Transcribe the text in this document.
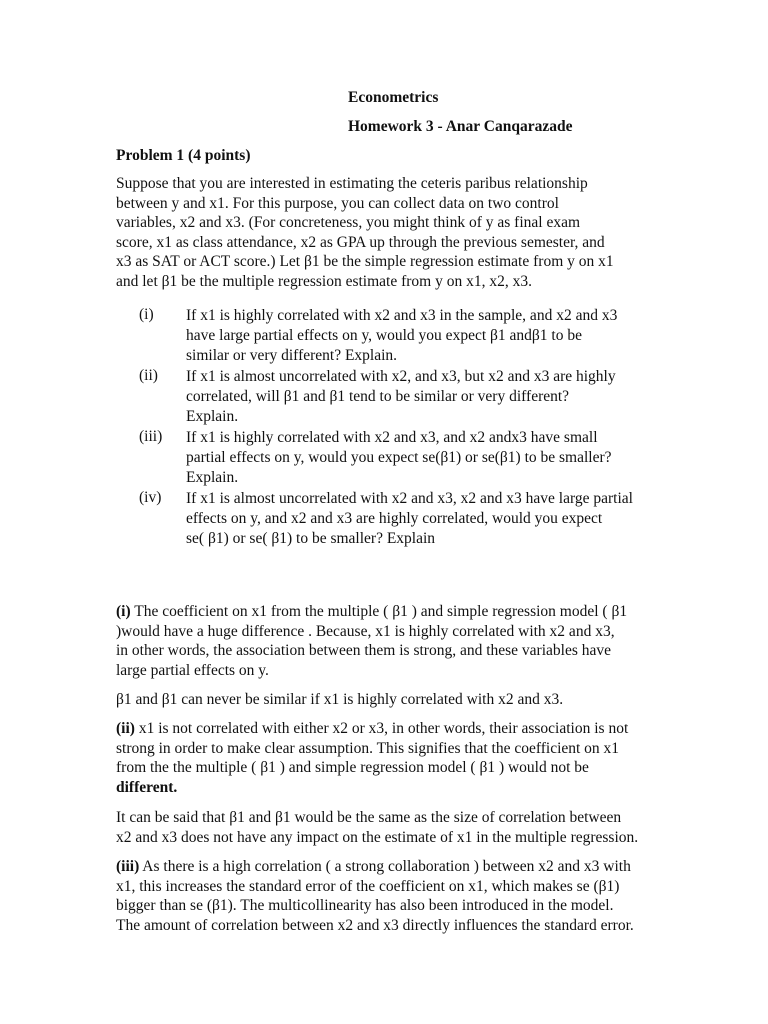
Econometrics
Homework 3 - Anar Canqarazade
Problem 1 (4 points)
Suppose that you are interested in estimating the ceteris paribus relationship
between y and x1. For this purpose, you can collect data on two control
variables, x2 and x3. (For concreteness, you might think of y as final exam
score, x1 as class attendance, x2 as GPA up through the previous semester, and
x3 as SAT or ACT score.) Let β1 be the simple regression estimate from y on x1
and let β1 be the multiple regression estimate from y on x1, x2, x3.
(i)	If x1 is highly correlated with x2 and x3 in the sample, and x2 and x3
have large partial effects on y, would you expect β1 andβ1 to be
similar or very different? Explain.
(ii)	If x1 is almost uncorrelated with x2, and x3, but x2 and x3 are highly
correlated, will β1 and β1 tend to be similar or very different?
Explain.
(iii)	If x1 is highly correlated with x2 and x3, and x2 andx3 have small
partial effects on y, would you expect se(β1) or se(β1) to be smaller?
Explain.
(iv)	If x1 is almost uncorrelated with x2 and x3, x2 and x3 have large partial
effects on y, and x2 and x3 are highly correlated, would you expect
se( β1) or se( β1) to be smaller? Explain
(i) The coefficient on x1 from the multiple ( β1 ) and simple regression model ( β1
)would have a huge difference . Because, x1 is highly correlated with x2 and x3,
in other words, the association between them is strong, and these variables have
large partial effects on y.
β1 and β1 can never be similar if x1 is highly correlated with x2 and x3.
(ii) x1 is not correlated with either x2 or x3, in other words, their association is not
strong in order to make clear assumption. This signifies that the coefficient on x1
from the the multiple ( β1 ) and simple regression model ( β1 ) would not be
different.
It can be said that β1 and β1 would be the same as the size of correlation between
x2 and x3 does not have any impact on the estimate of x1 in the multiple regression.
(iii) As there is a high correlation ( a strong collaboration ) between x2 and x3 with
x1, this increases the standard error of the coefficient on x1, which makes se (β1)
bigger than se (β1). The multicollinearity has also been introduced in the model.
The amount of correlation between x2 and x3 directly influences the standard error.
